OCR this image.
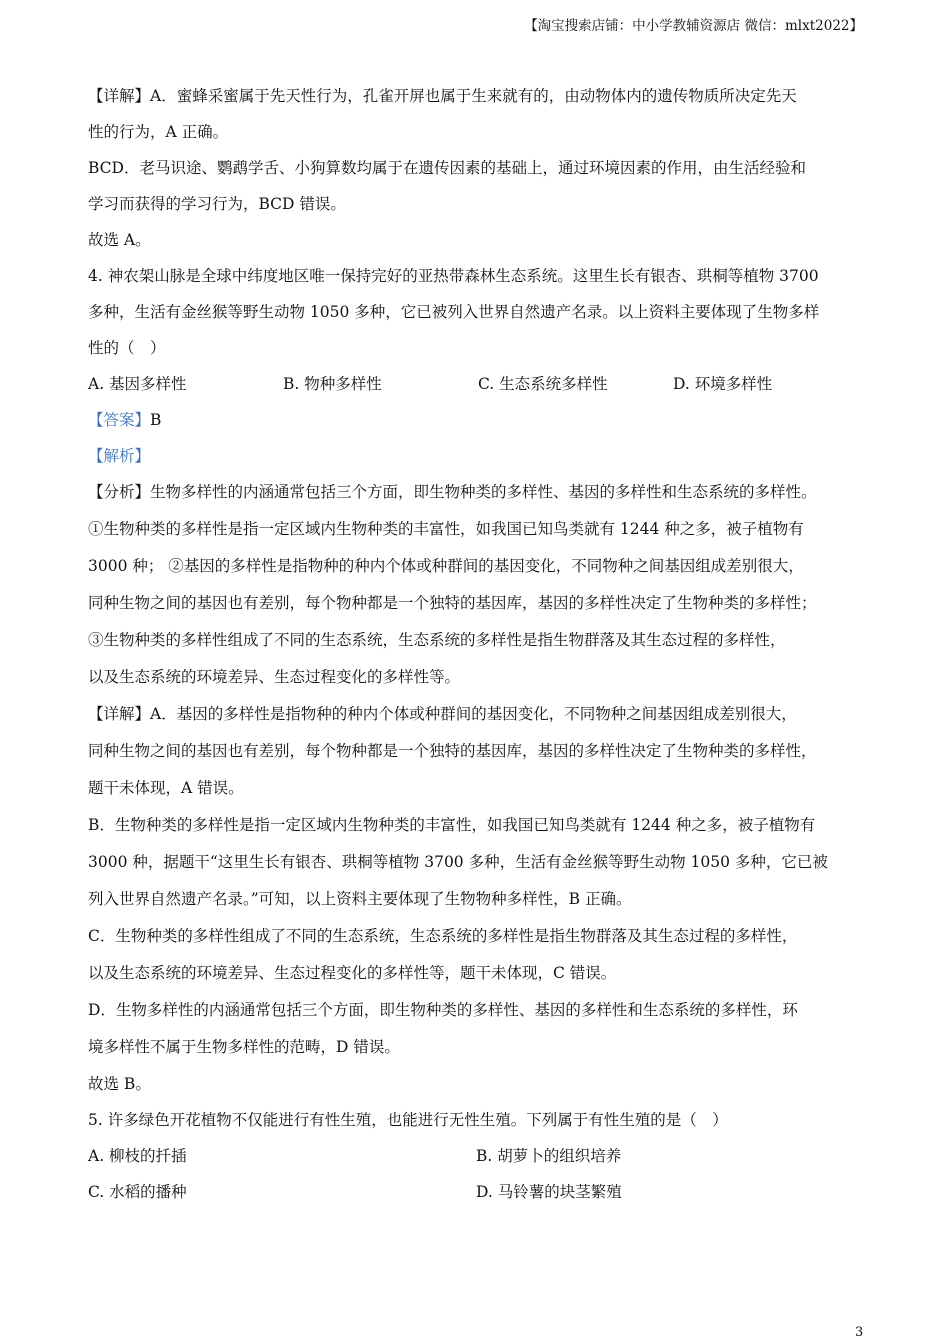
【淘宝搜索店铺：中小学教辅资源店 微信：mlxt2022】

【详解】A．蜜蜂采蜜属于先天性行为，孔雀开屏也属于生来就有的，由动物体内的遗传物质所决定先天

性的行为，A 正确。

BCD．老马识途、鹦鹉学舌、小狗算数均属于在遗传因素的基础上，通过环境因素的作用，由生活经验和

学习而获得的学习行为，BCD 错误。

故选 A。

4. 神农架山脉是全球中纬度地区唯一保持完好的亚热带森林生态系统。这里生长有银杏、珙桐等植物 3700

多种，生活有金丝猴等野生动物 1050 多种，它已被列入世界自然遗产名录。以上资料主要体现了生物多样

性的（　）

A. 基因多样性	B. 物种多样性	C. 生态系统多样性	D. 环境多样性

【答案】B

【解析】

【分析】生物多样性的内涵通常包括三个方面，即生物种类的多样性、基因的多样性和生态系统的多样性。

①生物种类的多样性是指一定区域内生物种类的丰富性，如我国已知鸟类就有 1244 种之多，被子植物有

3000 种； ②基因的多样性是指物种的种内个体或种群间的基因变化，不同物种之间基因组成差别很大，

同种生物之间的基因也有差别，每个物种都是一个独特的基因库，基因的多样性决定了生物种类的多样性；

③生物种类的多样性组成了不同的生态系统，生态系统的多样性是指生物群落及其生态过程的多样性，

以及生态系统的环境差异、生态过程变化的多样性等。

【详解】A．基因的多样性是指物种的种内个体或种群间的基因变化，不同物种之间基因组成差别很大，

同种生物之间的基因也有差别，每个物种都是一个独特的基因库，基因的多样性决定了生物种类的多样性，

题干未体现，A 错误。

B．生物种类的多样性是指一定区域内生物种类的丰富性，如我国已知鸟类就有 1244 种之多，被子植物有

3000 种，据题干“这里生长有银杏、珙桐等植物 3700 多种，生活有金丝猴等野生动物 1050 多种，它已被

列入世界自然遗产名录。”可知，以上资料主要体现了生物物种多样性，B 正确。

C．生物种类的多样性组成了不同的生态系统，生态系统的多样性是指生物群落及其生态过程的多样性，

以及生态系统的环境差异、生态过程变化的多样性等，题干未体现，C 错误。

D．生物多样性的内涵通常包括三个方面，即生物种类的多样性、基因的多样性和生态系统的多样性，环

境多样性不属于生物多样性的范畴，D 错误。

故选 B。

5. 许多绿色开花植物不仅能进行有性生殖，也能进行无性生殖。下列属于有性生殖的是（　）

A. 柳枝的扦插	B. 胡萝卜的组织培养
C. 水稻的播种	D. 马铃薯的块茎繁殖
3
